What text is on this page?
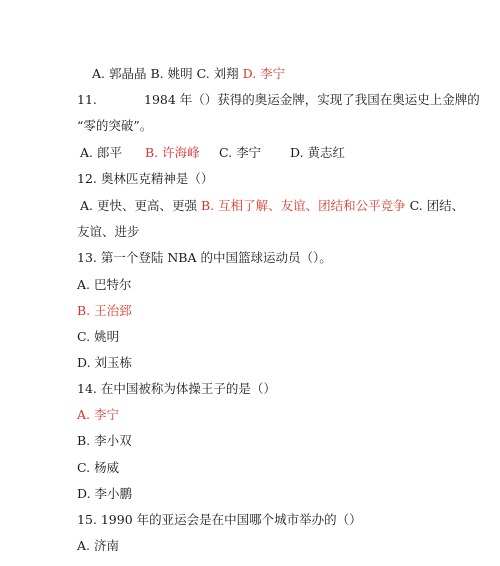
A. 郭晶晶 B. 姚明 C. 刘翔 D. 李宁
11.	1984 年（）获得的奥运金牌，实现了我国在奥运史上金牌的
“零的突破”。
A. 郎平 B. 许海峰 C. 李宁 D. 黄志红
12. 奥林匹克精神是（）
A. 更快、更高、更强 B. 互相了解、友谊、团结和公平竞争 C. 团结、
友谊、进步
13. 第一个登陆 NBA 的中国篮球运动员（）。
A. 巴特尔
B. 王治郅
C. 姚明
D. 刘玉栋
14. 在中国被称为体操王子的是（）
A. 李宁
B. 李小双
C. 杨威
D. 李小鹏
15. 1990 年的亚运会是在中国哪个城市举办的（）
A. 济南
